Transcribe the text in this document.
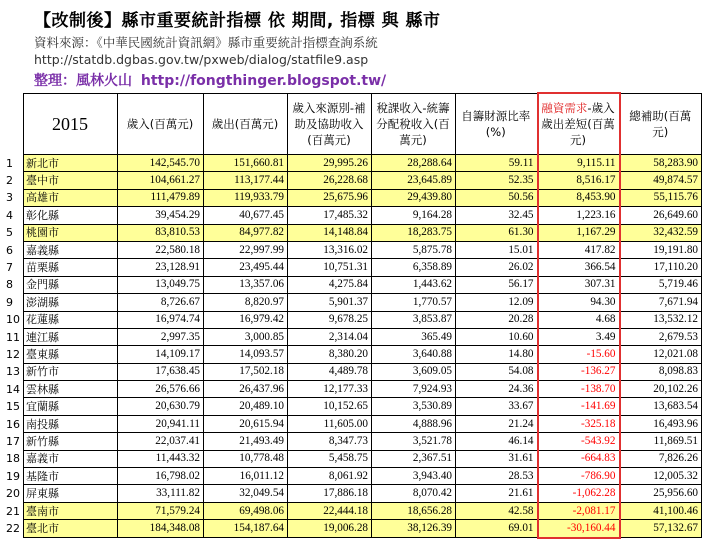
【改制後】縣市重要統計指標 依 期間, 指標 與 縣市
資料來源：《中華民國統計資訊網》縣市重要統計指標查詢系統
http://statdb.dgbas.gov.tw/pxweb/dialog/statfile9.asp
整理：風林火山 http://fongthinger.blogspot.tw/
	2015	歲入(百萬元)	歲出(百萬元)	歲入來源別-補助及協助收入(百萬元)	稅課收入-統籌分配稅收入(百萬元)	自籌財源比率(%)	融資需求-歲入歲出差短(百萬元)	總補助(百萬元)
1	新北市	142,545.70	151,660.81	29,995.26	28,288.64	59.11	9,115.11	58,283.90
2	臺中市	104,661.27	113,177.44	26,228.68	23,645.89	52.35	8,516.17	49,874.57
3	高雄市	111,479.89	119,933.79	25,675.96	29,439.80	50.56	8,453.90	55,115.76
4	彰化縣	39,454.29	40,677.45	17,485.32	9,164.28	32.45	1,223.16	26,649.60
5	桃園市	83,810.53	84,977.82	14,148.84	18,283.75	61.30	1,167.29	32,432.59
6	嘉義縣	22,580.18	22,997.99	13,316.02	5,875.78	15.01	417.82	19,191.80
7	苗栗縣	23,128.91	23,495.44	10,751.31	6,358.89	26.02	366.54	17,110.20
8	金門縣	13,049.75	13,357.06	4,275.84	1,443.62	56.17	307.31	5,719.46
9	澎湖縣	8,726.67	8,820.97	5,901.37	1,770.57	12.09	94.30	7,671.94
10	花蓮縣	16,974.74	16,979.42	9,678.25	3,853.87	20.28	4.68	13,532.12
11	連江縣	2,997.35	3,000.85	2,314.04	365.49	10.60	3.49	2,679.53
12	臺東縣	14,109.17	14,093.57	8,380.20	3,640.88	14.80	-15.60	12,021.08
13	新竹市	17,638.45	17,502.18	4,489.78	3,609.05	54.08	-136.27	8,098.83
14	雲林縣	26,576.66	26,437.96	12,177.33	7,924.93	24.36	-138.70	20,102.26
15	宜蘭縣	20,630.79	20,489.10	10,152.65	3,530.89	33.67	-141.69	13,683.54
16	南投縣	20,941.11	20,615.94	11,605.00	4,888.96	21.24	-325.18	16,493.96
17	新竹縣	22,037.41	21,493.49	8,347.73	3,521.78	46.14	-543.92	11,869.51
18	嘉義市	11,443.32	10,778.48	5,458.75	2,367.51	31.61	-664.83	7,826.26
19	基隆市	16,798.02	16,011.12	8,061.92	3,943.40	28.53	-786.90	12,005.32
20	屏東縣	33,111.82	32,049.54	17,886.18	8,070.42	21.61	-1,062.28	25,956.60
21	臺南市	71,579.24	69,498.06	22,444.18	18,656.28	42.58	-2,081.17	41,100.46
22	臺北市	184,348.08	154,187.64	19,006.28	38,126.39	69.01	-30,160.44	57,132.67
